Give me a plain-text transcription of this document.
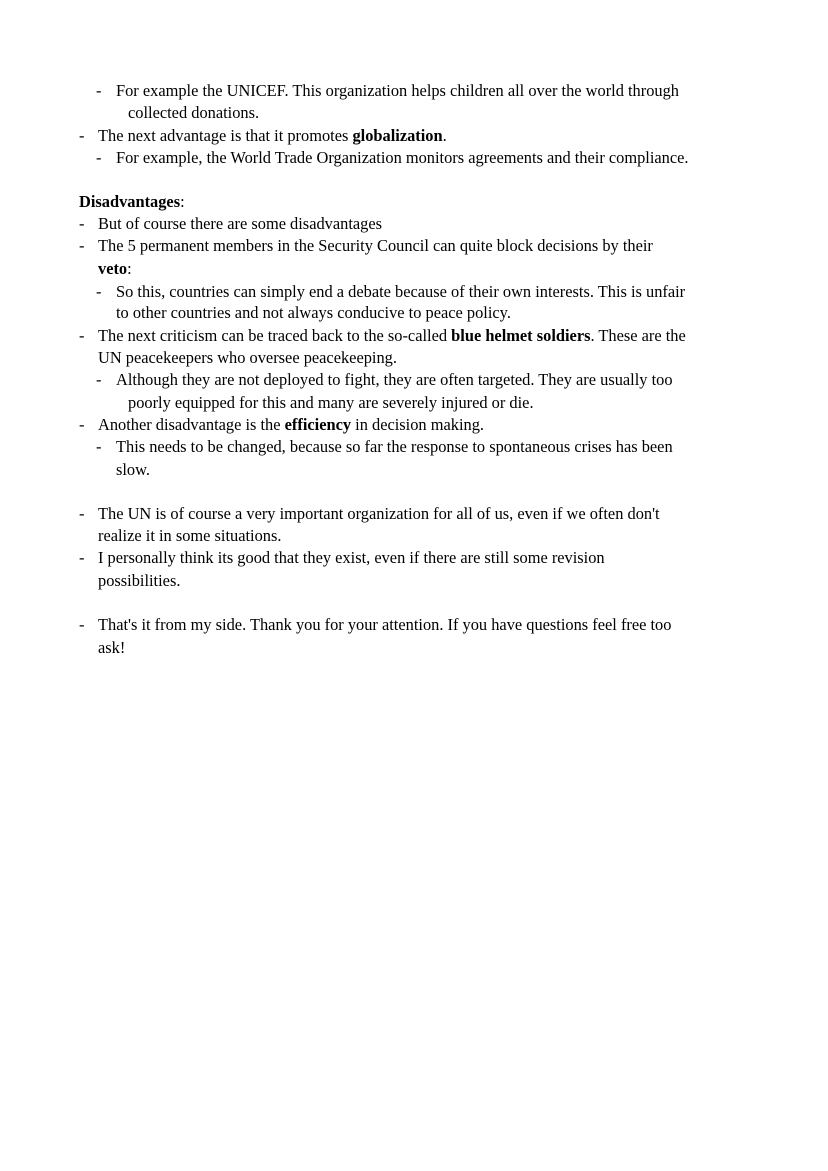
- For example the UNICEF. This organization helps children all over the world through
collected donations.
- The next advantage is that it promotes globalization.
- For example, the World Trade Organization monitors agreements and their compliance.
Disadvantages:
- But of course there are some disadvantages
- The 5 permanent members in the Security Council can quite block decisions by their
veto:
- So this, countries can simply end a debate because of their own interests. This is unfair
to other countries and not always conducive to peace policy.
- The next criticism can be traced back to the so-called blue helmet soldiers. These are the
UN peacekeepers who oversee peacekeeping.
- Although they are not deployed to fight, they are often targeted. They are usually too
poorly equipped for this and many are severely injured or die.
- Another disadvantage is the efficiency in decision making.
- This needs to be changed, because so far the response to spontaneous crises has been
slow.
- The UN is of course a very important organization for all of us, even if we often don't
realize it in some situations.
- I personally think its good that they exist, even if there are still some revision
possibilities.
- That's it from my side. Thank you for your attention. If you have questions feel free too
ask!
